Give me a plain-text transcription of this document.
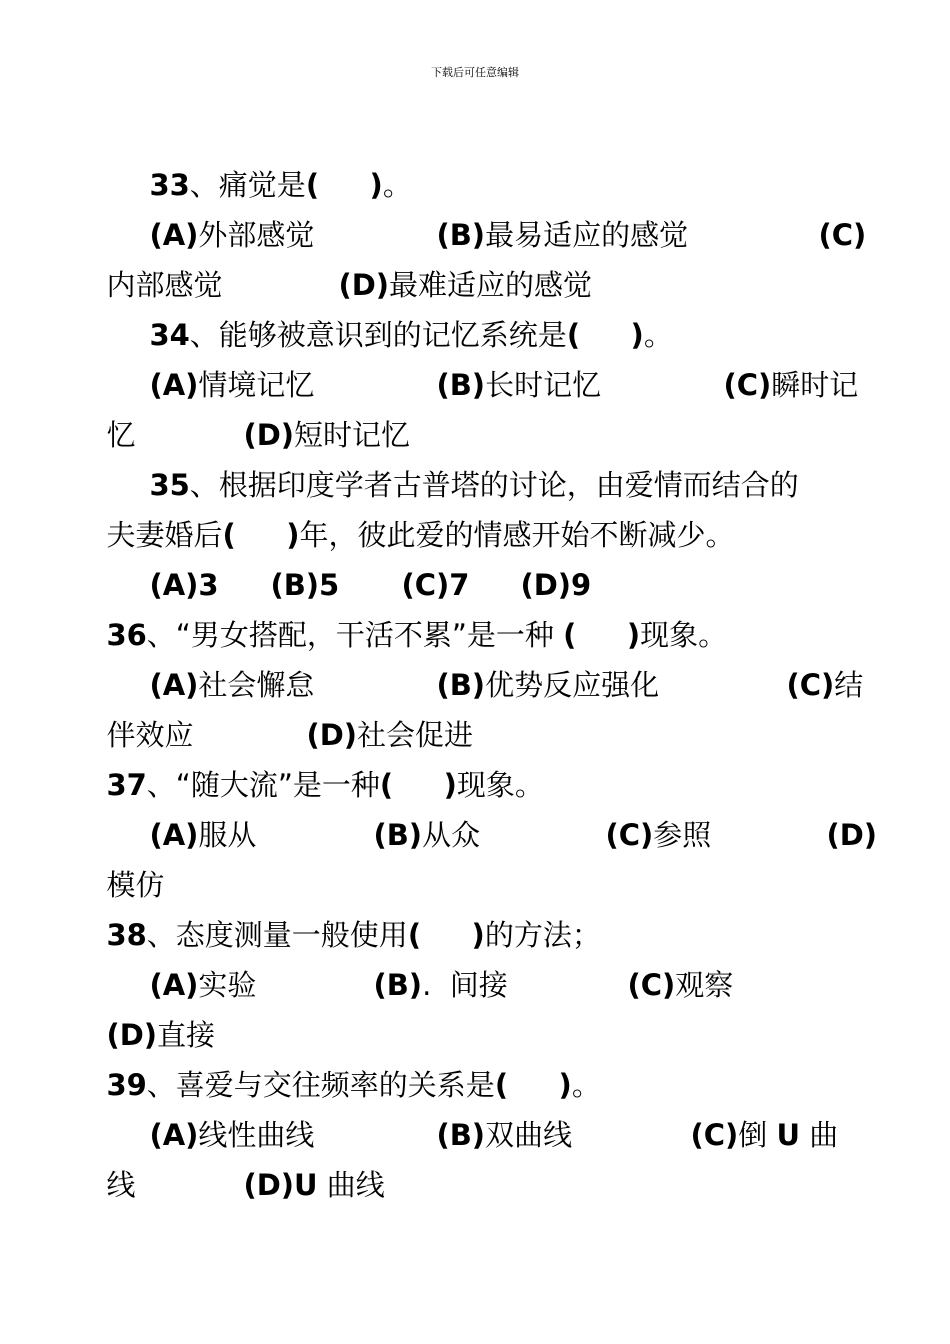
下载后可任意编辑

33、痛觉是(     )。

(A)外部感觉	(B)最易适应的感觉	(C)

内部感觉	(D)最难适应的感觉

34、能够被意识到的记忆系统是(     )。

(A)情境记忆	(B)长时记忆	(C)瞬时记

忆	(D)短时记忆

35、根据印度学者古普塔的讨论，由爱情而结合的

夫妻婚后(     )年，彼此爱的情感开始不断减少。

(A)3	(B)5	(C)7	(D)9

36、“男女搭配，干活不累”是一种 (     )现象。

(A)社会懈怠	(B)优势反应强化	(C)结

伴效应	(D)社会促进

37、“随大流”是一种(     )现象。

(A)服从	(B)从众	(C)参照	(D)

模仿

38、态度测量一般使用(     )的方法；

(A)实验	(B).  间接	(C)观察

(D)直接

39、喜爱与交往频率的关系是(     )。

(A)线性曲线	(B)双曲线	(C)倒 U 曲

线	(D)U 曲线
